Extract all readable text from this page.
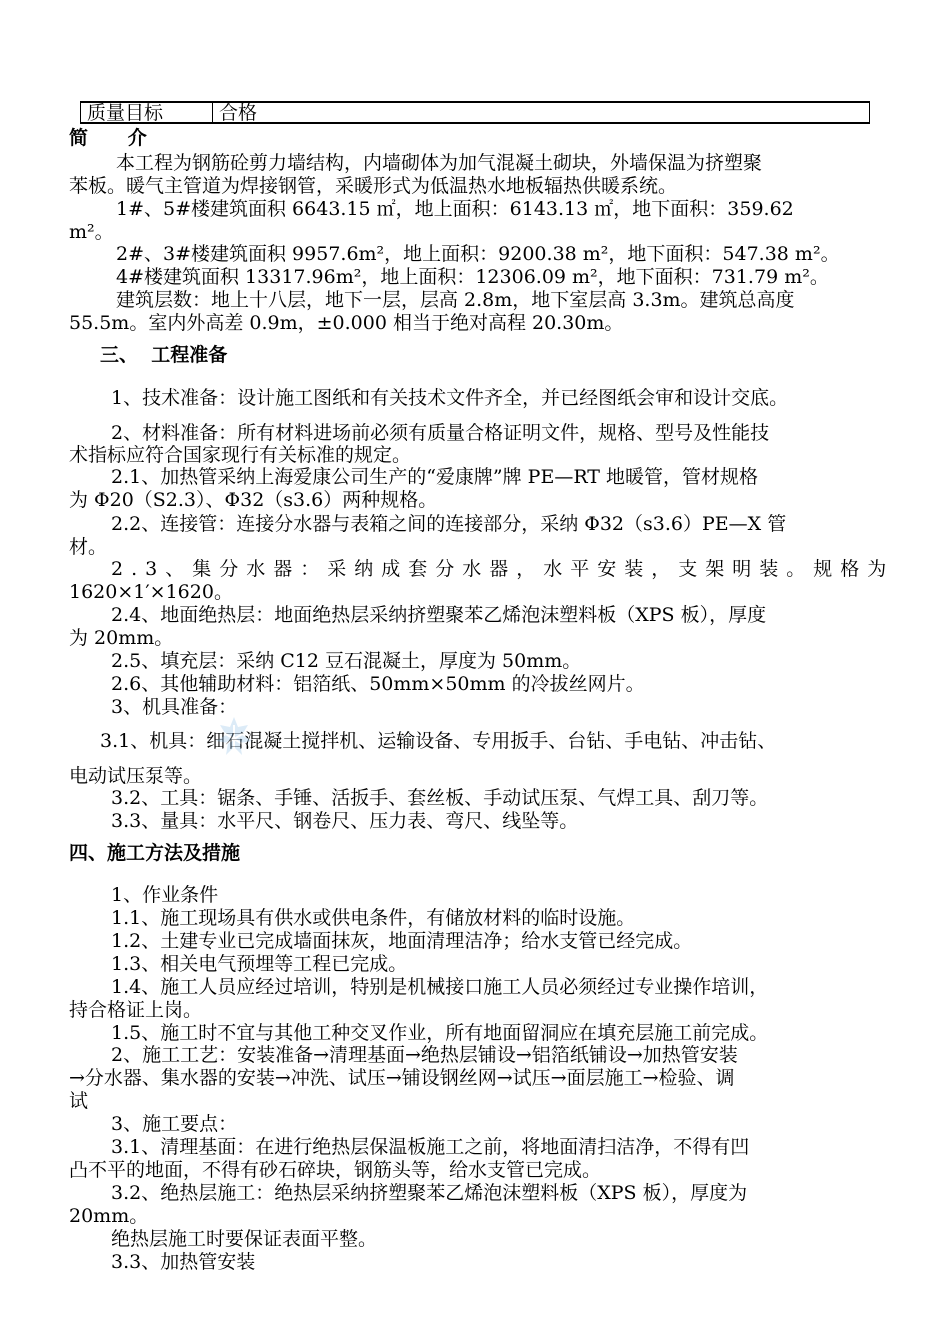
质量目标	合格
简      介
本工程为钢筋砼剪力墙结构，内墙砌体为加气混凝土砌块，外墙保温为挤塑聚
苯板。暖气主管道为焊接钢管，采暖形式为低温热水地板辐热供暖系统。
1#、5#楼建筑面积 6643.15 ㎡，地上面积：6143.13 ㎡，地下面积：359.62
m²。
2#、3#楼建筑面积 9957.6m²，地上面积：9200.38 m²，地下面积：547.38 m²。
4#楼建筑面积 13317.96m²，地上面积：12306.09 m²，地下面积：731.79 m²。
建筑层数：地上十八层，地下一层，层高 2.8m，地下室层高 3.3m。建筑总高度
55.5m。室内外高差 0.9m，±0.000 相当于绝对高程 20.30m。
三、  工程准备
1、技术准备：设计施工图纸和有关技术文件齐全，并已经图纸会审和设计交底。
2、材料准备：所有材料进场前必须有质量合格证明文件，规格、型号及性能技
术指标应符合国家现行有关标准的规定。
2.1、加热管采纳上海爱康公司生产的“爱康牌”牌 PE—RT 地暖管，管材规格
为 Φ20（S2.3）、Φ32（s3.6）两种规格。
2.2、连接管：连接分水器与表箱之间的连接部分，采纳 Φ32（s3.6）PE—X 管
材。
2.3、集分水器：采纳成套分水器，水平安装，支架明装。规格为
1620×1′×1620。
2.4、地面绝热层：地面绝热层采纳挤塑聚苯乙烯泡沫塑料板（XPS 板），厚度
为 20mm。
2.5、填充层：采纳 C12 豆石混凝土，厚度为 50mm。
2.6、其他辅助材料：铝箔纸、50mm×50mm 的冷拔丝网片。
3、机具准备：
3.1、机具：细石混凝土搅拌机、运输设备、专用扳手、台钻、手电钻、冲击钻、
电动试压泵等。
3.2、工具：锯条、手锤、活扳手、套丝板、手动试压泵、气焊工具、刮刀等。
3.3、量具：水平尺、钢卷尺、压力表、弯尺、线坠等。
四、施工方法及措施
1、作业条件
1.1、施工现场具有供水或供电条件，有储放材料的临时设施。
1.2、土建专业已完成墙面抹灰，地面清理洁净；给水支管已经完成。
1.3、相关电气预埋等工程已完成。
1.4、施工人员应经过培训，特别是机械接口施工人员必须经过专业操作培训，
持合格证上岗。
1.5、施工时不宜与其他工种交叉作业，所有地面留洞应在填充层施工前完成。
2、施工工艺：安装准备→清理基面→绝热层铺设→铝箔纸铺设→加热管安装
→分水器、集水器的安装→冲洗、试压→铺设钢丝网→试压→面层施工→检验、调
试
3、施工要点：
3.1、清理基面：在进行绝热层保温板施工之前，将地面清扫洁净，不得有凹
凸不平的地面，不得有砂石碎块，钢筋头等，给水支管已完成。
3.2、绝热层施工：绝热层采纳挤塑聚苯乙烯泡沫塑料板（XPS 板），厚度为
20mm。
绝热层施工时要保证表面平整。
3.3、加热管安装
